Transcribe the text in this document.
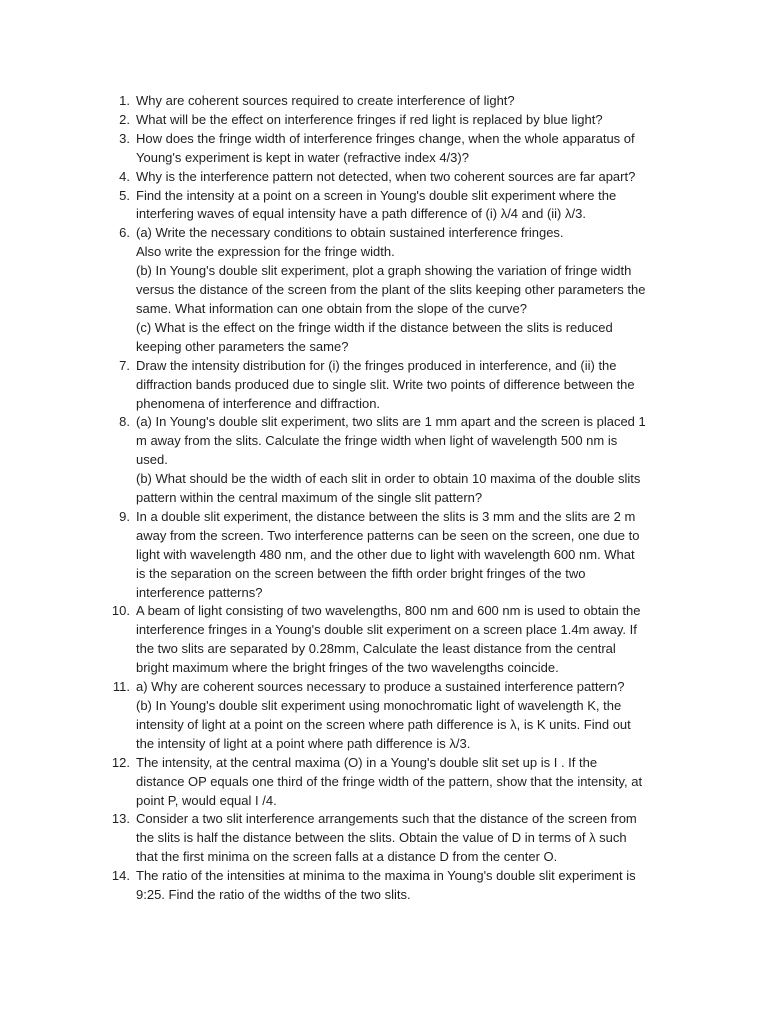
1. Why are coherent sources required to create interference of light?
2. What will be the effect on interference fringes if red light is replaced by blue light?
3. How does the fringe width of interference fringes change, when the whole apparatus of
Young's experiment is kept in water (refractive index 4/3)?
4. Why is the interference pattern not detected, when two coherent sources are far apart?
5. Find the intensity at a point on a screen in Young's double slit experiment where the
interfering waves of equal intensity have a path difference of (i) λ/4 and (ii) λ/3.
6. (a) Write the necessary conditions to obtain sustained interference fringes.
Also write the expression for the fringe width.
(b) In Young's double slit experiment, plot a graph showing the variation of fringe width
versus the distance of the screen from the plant of the slits keeping other parameters the
same. What information can one obtain from the slope of the curve?
(c) What is the effect on the fringe width if the distance between the slits is reduced
keeping other parameters the same?
7. Draw the intensity distribution for (i) the fringes produced in interference, and (ii) the
diffraction bands produced due to single slit. Write two points of difference between the
phenomena of interference and diffraction.
8. (a) In Young's double slit experiment, two slits are 1 mm apart and the screen is placed 1
m away from the slits. Calculate the fringe width when light of wavelength 500 nm is
used.
(b) What should be the width of each slit in order to obtain 10 maxima of the double slits
pattern within the central maximum of the single slit pattern?
9. In a double slit experiment, the distance between the slits is 3 mm and the slits are 2 m
away from the screen. Two interference patterns can be seen on the screen, one due to
light with wavelength 480 nm, and the other due to light with wavelength 600 nm. What
is the separation on the screen between the fifth order bright fringes of the two
interference patterns?
10. A beam of light consisting of two wavelengths, 800 nm and 600 nm is used to obtain the
interference fringes in a Young's double slit experiment on a screen place 1.4m away. If
the two slits are separated by 0.28mm, Calculate the least distance from the central
bright maximum where the bright fringes of the two wavelengths coincide.
11. a) Why are coherent sources necessary to produce a sustained interference pattern?
(b) In Young's double slit experiment using monochromatic light of wavelength K, the
intensity of light at a point on the screen where path difference is λ, is K units. Find out
the intensity of light at a point where path difference is λ/3.
12. The intensity, at the central maxima (O) in a Young's double slit set up is I . If the
distance OP equals one third of the fringe width of the pattern, show that the intensity, at
point P, would equal I /4.
13. Consider a two slit interference arrangements such that the distance of the screen from
the slits is half the distance between the slits. Obtain the value of D in terms of λ such
that the first minima on the screen falls at a distance D from the center O.
14. The ratio of the intensities at minima to the maxima in Young's double slit experiment is
9:25. Find the ratio of the widths of the two slits.
